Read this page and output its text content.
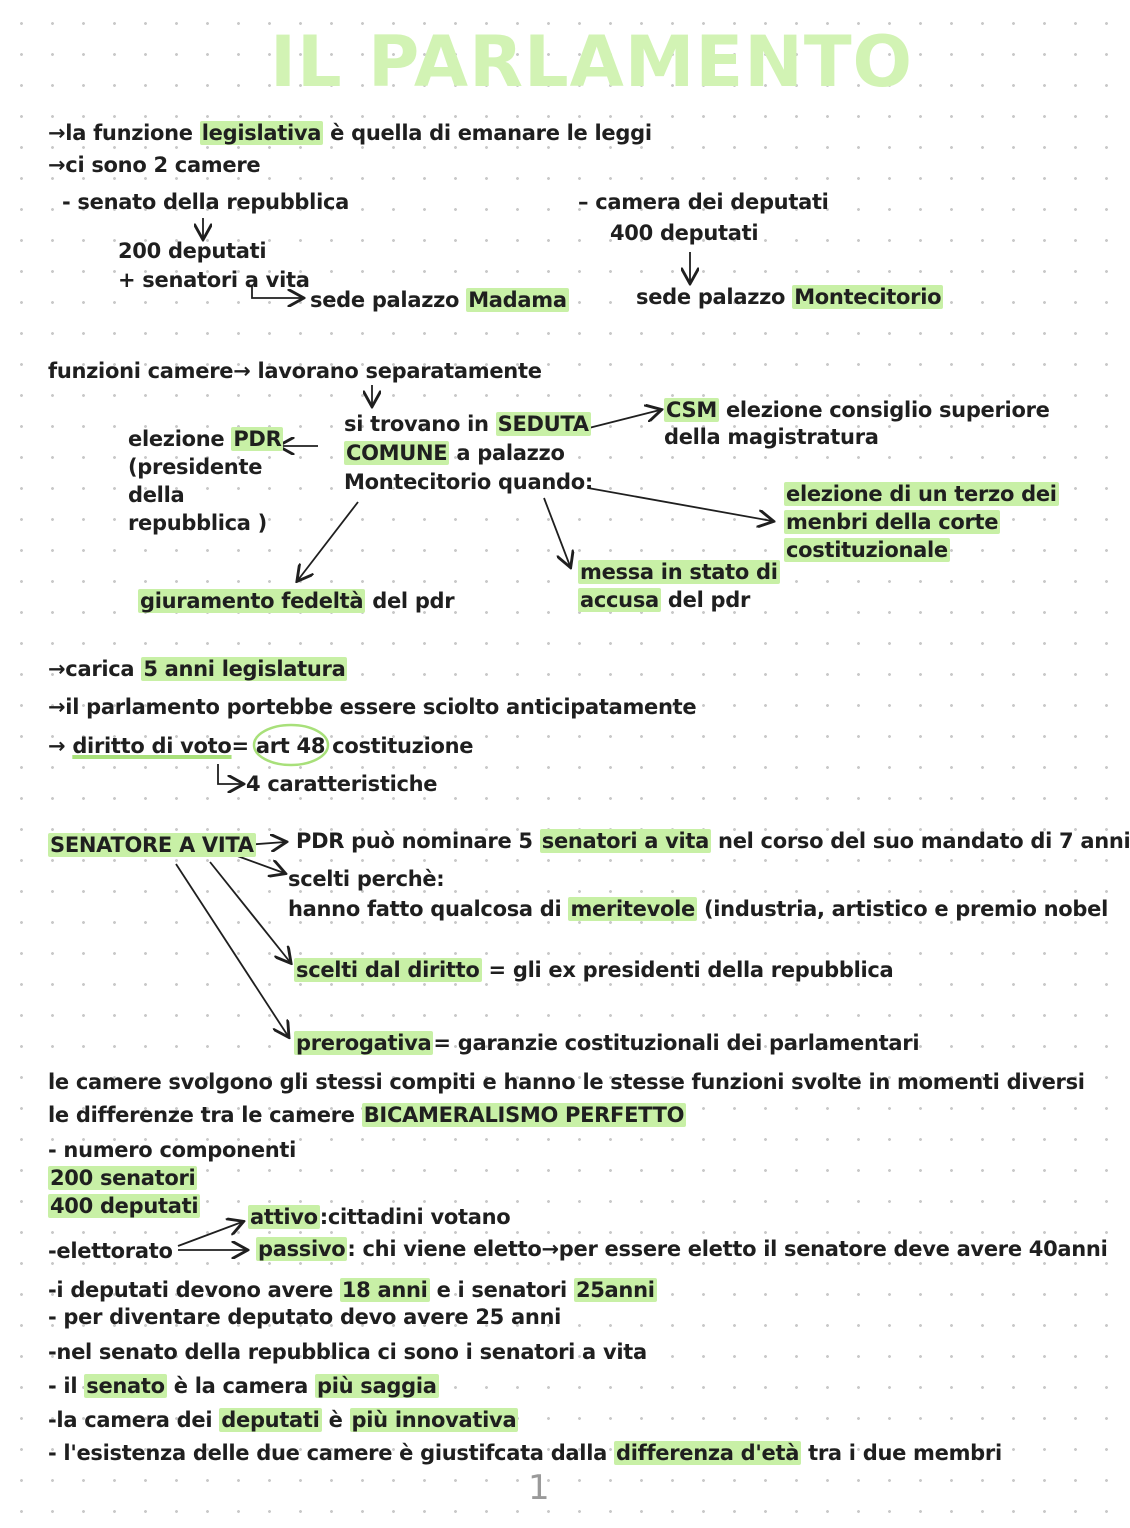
IL PARLAMENTO
→la funzione legislativa è quella di emanare le leggi
→ci sono 2 camere
- senato della repubblica
200 deputati
+ senatori a vita
sede palazzo Madama
– camera dei deputati
400 deputati
sede palazzo Montecitorio
funzioni camere→ lavorano separatamente
si trovano in SEDUTA
COMUNE a palazzo
Montecitorio quando:
elezione PDR
(presidente
della
repubblica )
CSM elezione consiglio superiore
della magistratura
elezione di un terzo dei
menbri della corte
costituzionale
messa in stato di
accusa del pdr
giuramento fedeltà del pdr
→carica 5 anni legislatura
→il parlamento portebbe essere sciolto anticipatamente
→ diritto di voto= art 48 costituzione
4 caratteristiche
SENATORE A VITA PDR può nominare 5 senatori a vita nel corso del suo mandato di 7 anni
scelti perchè:
hanno fatto qualcosa di meritevole (industria, artistico e premio nobel
scelti dal diritto = gli ex presidenti della repubblica
prerogativa= garanzie costituzionali dei parlamentari
le camere svolgono gli stessi compiti e hanno le stesse funzioni svolte in momenti diversi
le differenze tra le camere BICAMERALISMO PERFETTO
- numero componenti
200 senatori
400 deputati attivo:cittadini votano
-elettorato	passivo: chi viene eletto→per essere eletto il senatore deve avere 40anni
-i deputati devono avere 18 anni e i senatori 25anni
- per diventare deputato devo avere 25 anni
-nel senato della repubblica ci sono i senatori a vita
- il senato è la camera più saggia
-la camera dei deputati è più innovativa
- l'esistenza delle due camere è giustifcata dalla differenza d'età tra i due membri
1
